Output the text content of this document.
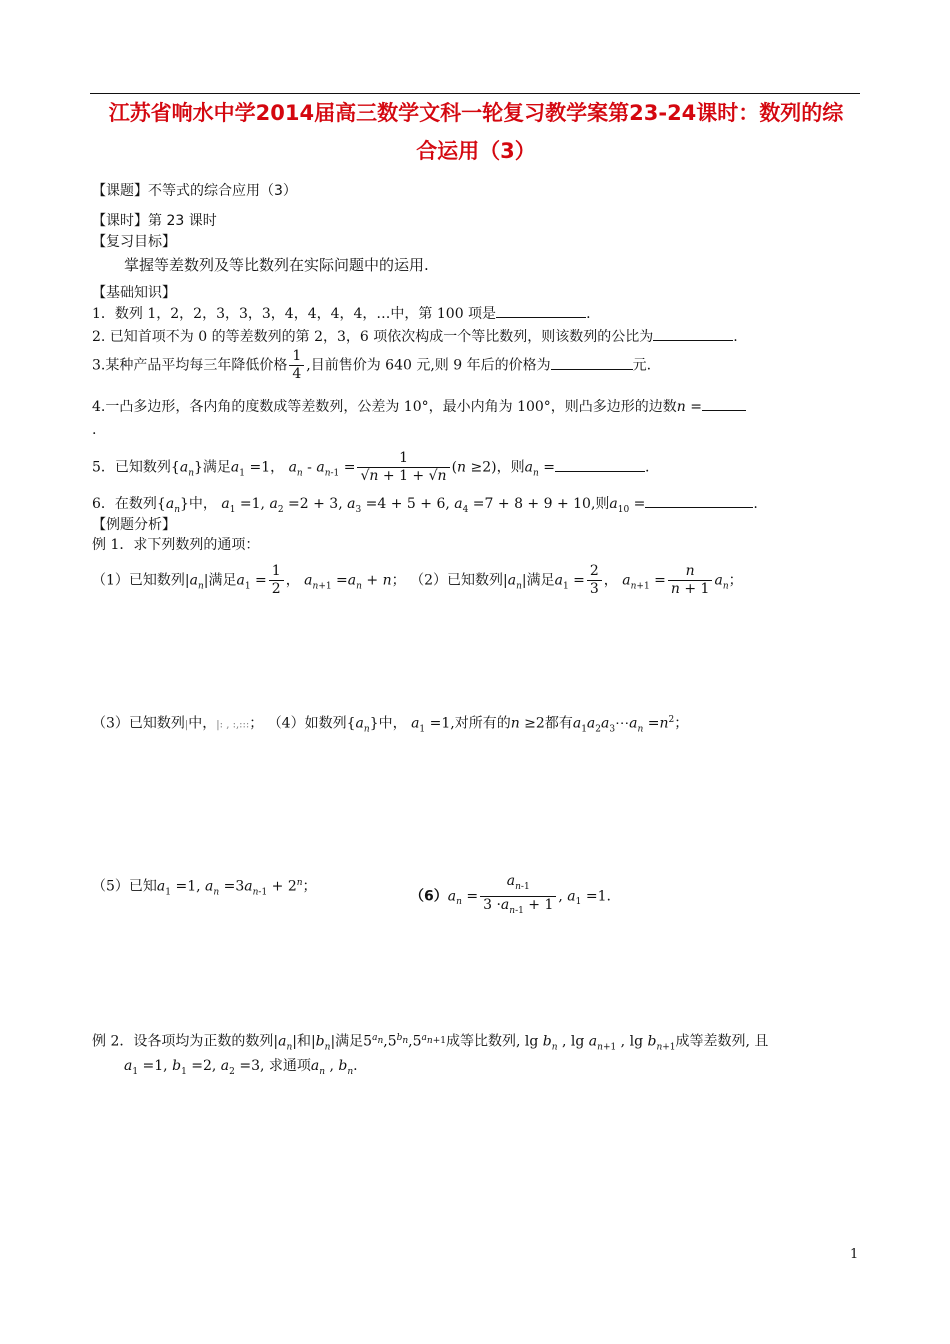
江苏省响水中学2014届高三数学文科一轮复习教学案第23-24课时：数列的综
合运用（3）
【课题】不等式的综合应用（3）
【课时】第 23 课时
【复习目标】
掌握等差数列及等比数列在实际问题中的运用.
【基础知识】
1．数列 1，2，2，3，3，3，4，4，4，4，…中，第 100 项是	.
2. 已知首项不为 0 的等差数列的第 2，3，6 项依次构成一个等比数列，则该数列的公比为	.
3.某种产品平均每三年降低价格 $\frac{1}{4}$ ,目前售价为 640 元,则 9 年后的价格为	元.
4.一凸多边形，各内角的度数成等差数列，公差为 10°，最小内角为 100°，则凸多边形的边数n =
.
5．已知数列$\{a_n\}$满足$a_1 =1$， $a_n - a_{n-1} = \frac{1}{√n + 1 + √n} (n \ge 2)$，则$a_n$ =	.
6．在数列$\{a_n\}$中， $a_1 =1$, $a_2 =2 + 3$, $a_3 =4 + 5 + 6$, $a_4 =7 + 8 + 9 + 10$,则$a_{10}$ =	.
【例题分析】
例 1．求下列数列的通项：
（1）已知数列$|a_n|$满足$a_1 = \frac{1}{2}$ ， $a_{n+1} =a_n + n$； （2）已知数列$|a_n|$满足$a_1 = \frac{2}{3}$ ， $a_{n+1} = \frac{n}{n + 1} a_n$；
（3）已知数列|中，|: , :,:::； （4）如数列$\{a_n\}$中， $a_1 =1$,对所有的n ≥2都有$a_1a_2a_3\cdots a_n =n^2$；
（5）已知$a_1 =1$, $a_n =3a_{n-1} + 2^n$；
$(6)a_n = \frac{a_{n-1}}{3 \cdot a_{n-1} + 1}$ , $a_1 =1$.
例 2．设各项均为正数的数列$|a_n|$和$|b_n|$满足$5^{a_n},5^{b_n},5^{a_{n+1}}$成等比数列, $\lg b_n$ , $\lg a_{n+1}$ , $\lg b_{n+1}$成等差数列, 且
$a_1 =1$, $b_1 =2$, $a_2 =3$, 求通项$a_n$ , $b_n$.
1
